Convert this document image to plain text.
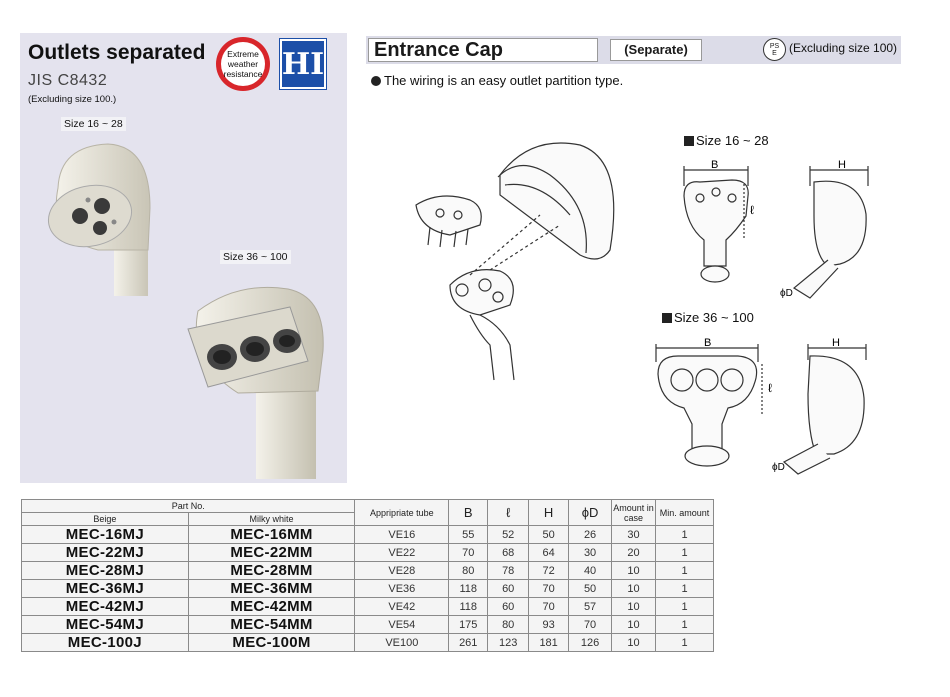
Outlets separated
JIS C8432
(Excluding size 100.)
Extreme
weather
resistance HI
Size 16 ~ 28
Size 36 ~ 100
Entrance Cap	(Separate)	PS
E	(Excluding size 100)
The wiring is an easy outlet partition type.
Size 16 ~ 28
B
ℓ
H
ϕD
Size 36 ~ 100
B
ℓ
H
ϕD
Part No.		Appripriate tube	B	ℓ	H	ϕD	Amount in case	Min. amount
Beige	Milky white							
MEC-16MJ	MEC-16MM	VE16	55	52	50	26	30	1
MEC-22MJ	MEC-22MM	VE22	70	68	64	30	20	1
MEC-28MJ	MEC-28MM	VE28	80	78	72	40	10	1
MEC-36MJ	MEC-36MM	VE36	118	60	70	50	10	1
MEC-42MJ	MEC-42MM	VE42	118	60	70	57	10	1
MEC-54MJ	MEC-54MM	VE54	175	80	93	70	10	1
MEC-100J	MEC-100M	VE100	261	123	181	126	10	1
